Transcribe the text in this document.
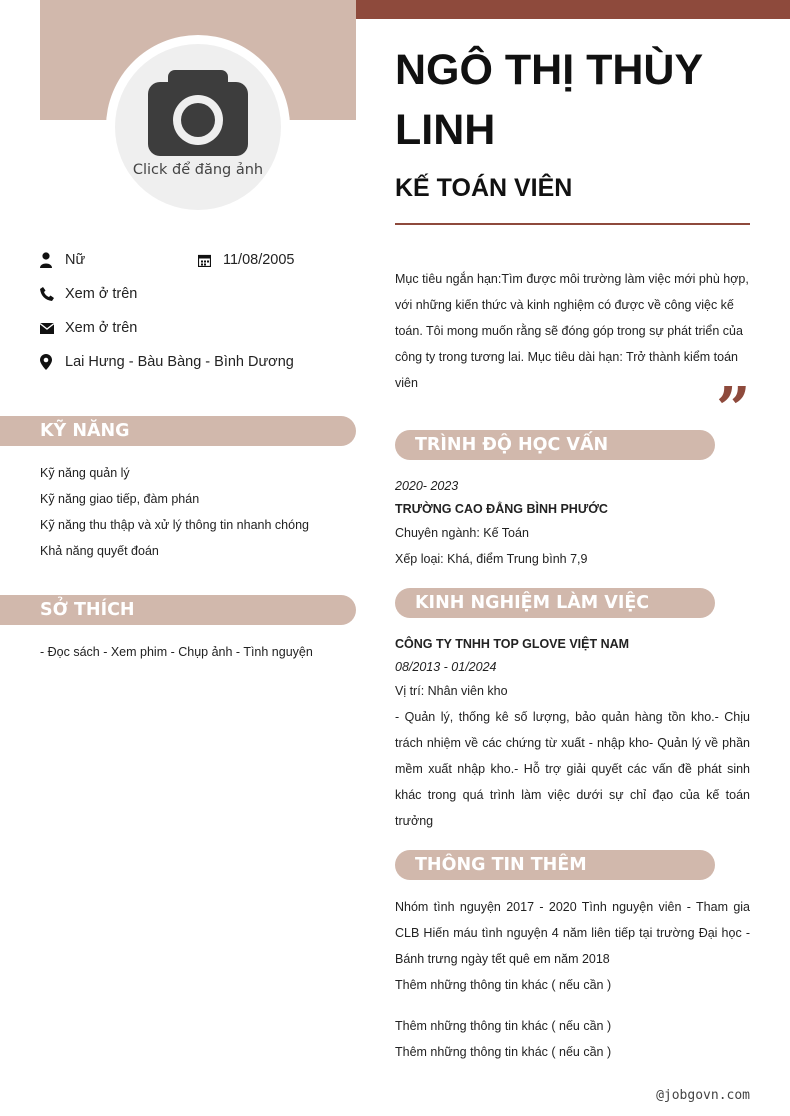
Click để đăng ảnh
Nữ	11/08/2005
Xem ở trên
Xem ở trên
Lai Hưng - Bàu Bàng - Bình Dương
KỸ NĂNG
Kỹ năng quản lý
Kỹ năng giao tiếp, đàm phán
Kỹ năng thu thập và xử lý thông tin nhanh chóng
Khả năng quyết đoán
SỞ THÍCH
- Đọc sách - Xem phim - Chụp ảnh - Tình nguyện
NGÔ THỊ THÙY LINH
KẾ TOÁN VIÊN
Mục tiêu ngắn hạn:Tìm được môi trường làm việc mới phù hợp, với những kiến thức và kinh nghiệm có được về công việc kế toán. Tôi mong muốn rằng sẽ đóng góp trong sự phát triển của công ty trong tương lai. Mục tiêu dài hạn: Trở thành kiểm toán viên	”
TRÌNH ĐỘ HỌC VẤN
2020- 2023
TRƯỜNG CAO ĐẲNG BÌNH PHƯỚC
Chuyên ngành: Kế Toán
Xếp loại: Khá, điểm Trung bình 7,9
KINH NGHIỆM LÀM VIỆC
CÔNG TY TNHH TOP GLOVE VIỆT NAM
08/2013 - 01/2024
Vị trí: Nhân viên kho
- Quản lý, thống kê số lượng, bảo quản hàng tồn kho.- Chịu trách nhiệm về các chứng từ xuất - nhập kho- Quản lý về phần mềm xuất nhập kho.- Hỗ trợ giải quyết các vấn đề phát sinh khác trong quá trình làm việc dưới sự chỉ đạo của kế toán trưởng
THÔNG TIN THÊM
Nhóm tình nguyện 2017 - 2020 Tình nguyện viên - Tham gia CLB Hiến máu tình nguyện 4 năm liên tiếp tại trường Đại học - Bánh trưng ngày tết quê em năm 2018
Thêm những thông tin khác ( nếu cần )
Thêm những thông tin khác ( nếu cần )
Thêm những thông tin khác ( nếu cần )
@jobgovn.com
